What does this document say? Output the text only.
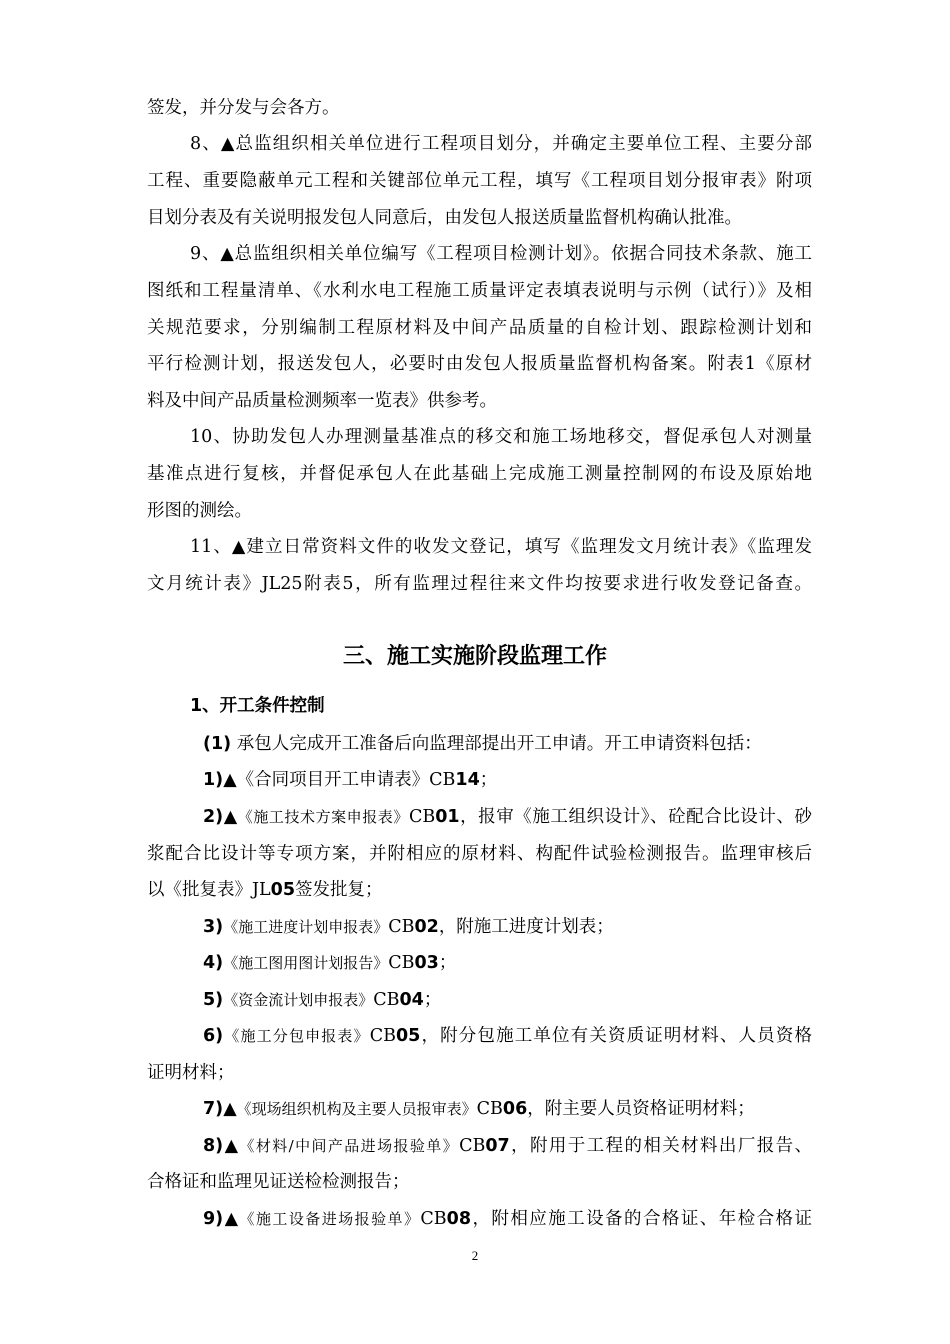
签发，并分发与会各方。

8、▲总监组织相关单位进行工程项目划分，并确定主要单位工程、主要分部

工程、重要隐蔽单元工程和关键部位单元工程，填写《工程项目划分报审表》附项

目划分表及有关说明报发包人同意后，由发包人报送质量监督机构确认批准。

9、▲总监组织相关单位编写《工程项目检测计划》。依据合同技术条款、施工

图纸和工程量清单、《水利水电工程施工质量评定表填表说明与示例（试行）》及相

关规范要求，分别编制工程原材料及中间产品质量的自检计划、跟踪检测计划和

平行检测计划，报送发包人，必要时由发包人报质量监督机构备案。附表1《原材

料及中间产品质量检测频率一览表》供参考。

10、协助发包人办理测量基准点的移交和施工场地移交，督促承包人对测量

基准点进行复核，并督促承包人在此基础上完成施工测量控制网的布设及原始地

形图的测绘。

11、▲建立日常资料文件的收发文登记，填写《监理发文月统计表》《监理发

文月统计表》JL25附表5，所有监理过程往来文件均按要求进行收发登记备查。

三、施工实施阶段监理工作
1、开工条件控制

(1) 承包人完成开工准备后向监理部提出开工申请。开工申请资料包括：

1)▲《合同项目开工申请表》CB14；

2)▲《施工技术方案申报表》CB01，报审《施工组织设计》、砼配合比设计、砂

浆配合比设计等专项方案，并附相应的原材料、构配件试验检测报告。监理审核后

以《批复表》JL05签发批复；

3)《施工进度计划申报表》CB02，附施工进度计划表；

4)《施工图用图计划报告》CB03；

5)《资金流计划申报表》CB04；

6)《施工分包申报表》CB05，附分包施工单位有关资质证明材料、人员资格

证明材料；

7)▲《现场组织机构及主要人员报审表》CB06，附主要人员资格证明材料；

8)▲《材料/中间产品进场报验单》CB07，附用于工程的相关材料出厂报告、

合格证和监理见证送检检测报告；

9)▲《施工设备进场报验单》CB08，附相应施工设备的合格证、年检合格证

2
